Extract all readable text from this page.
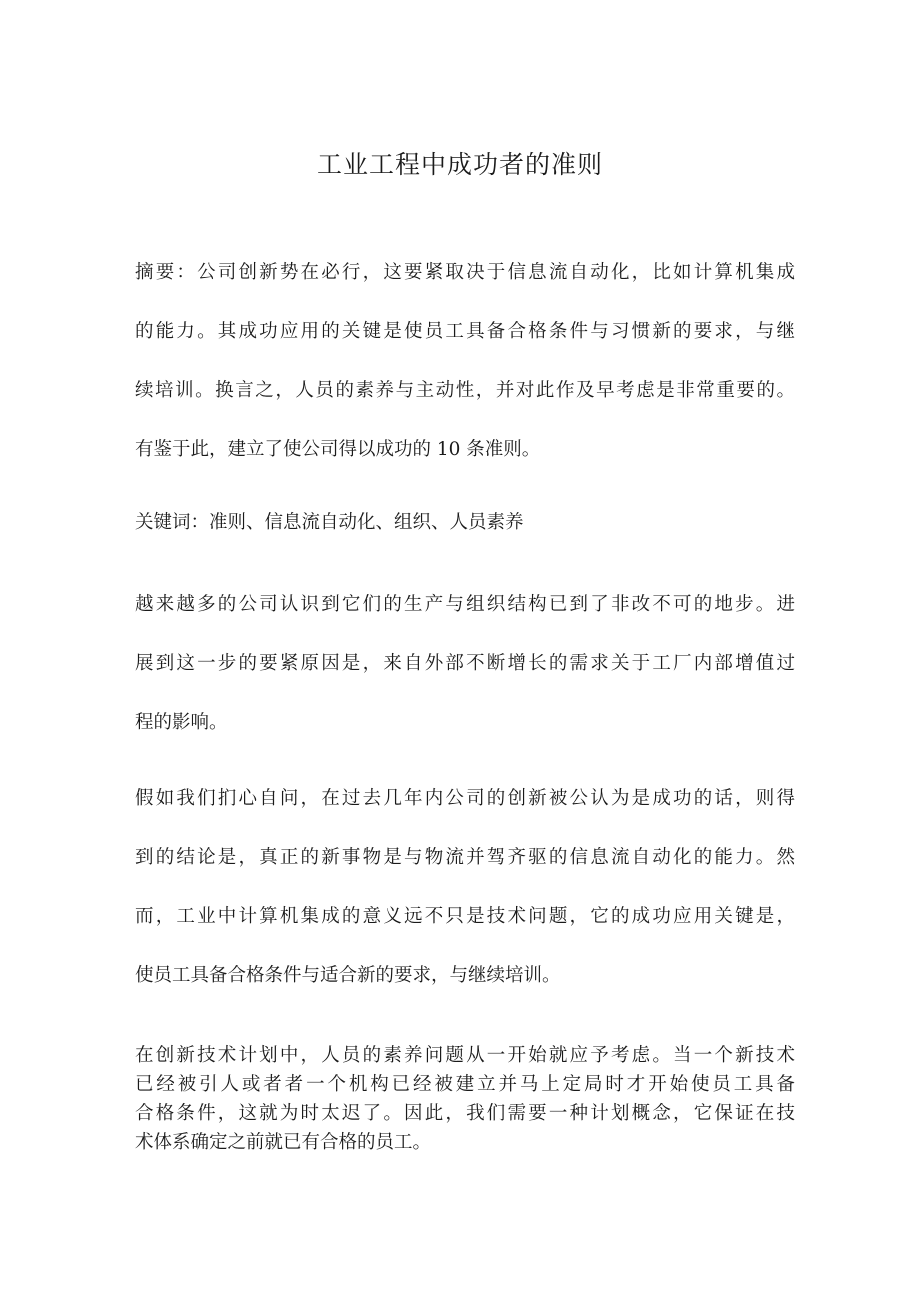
工业工程中成功者的准则

摘要：公司创新势在必行，这要紧取决于信息流自动化，比如计算机集成
的能力。其成功应用的关键是使员工具备合格条件与习惯新的要求，与继
续培训。换言之，人员的素养与主动性，并对此作及早考虑是非常重要的。
有鉴于此，建立了使公司得以成功的 10 条准则。

关键词：准则、信息流自动化、组织、人员素养

越来越多的公司认识到它们的生产与组织结构已到了非改不可的地步。进
展到这一步的要紧原因是，来自外部不断增长的需求关于工厂内部增值过
程的影响。

假如我们扪心自问，在过去几年内公司的创新被公认为是成功的话，则得
到的结论是，真正的新事物是与物流并驾齐驱的信息流自动化的能力。然
而，工业中计算机集成的意义远不只是技术问题，它的成功应用关键是，
使员工具备合格条件与适合新的要求，与继续培训。

在创新技术计划中，人员的素养问题从一开始就应予考虑。当一个新技术
已经被引人或者者一个机构已经被建立并马上定局时才开始使员工具备
合格条件，这就为时太迟了。因此，我们需要一种计划概念，它保证在技
术体系确定之前就已有合格的员工。
